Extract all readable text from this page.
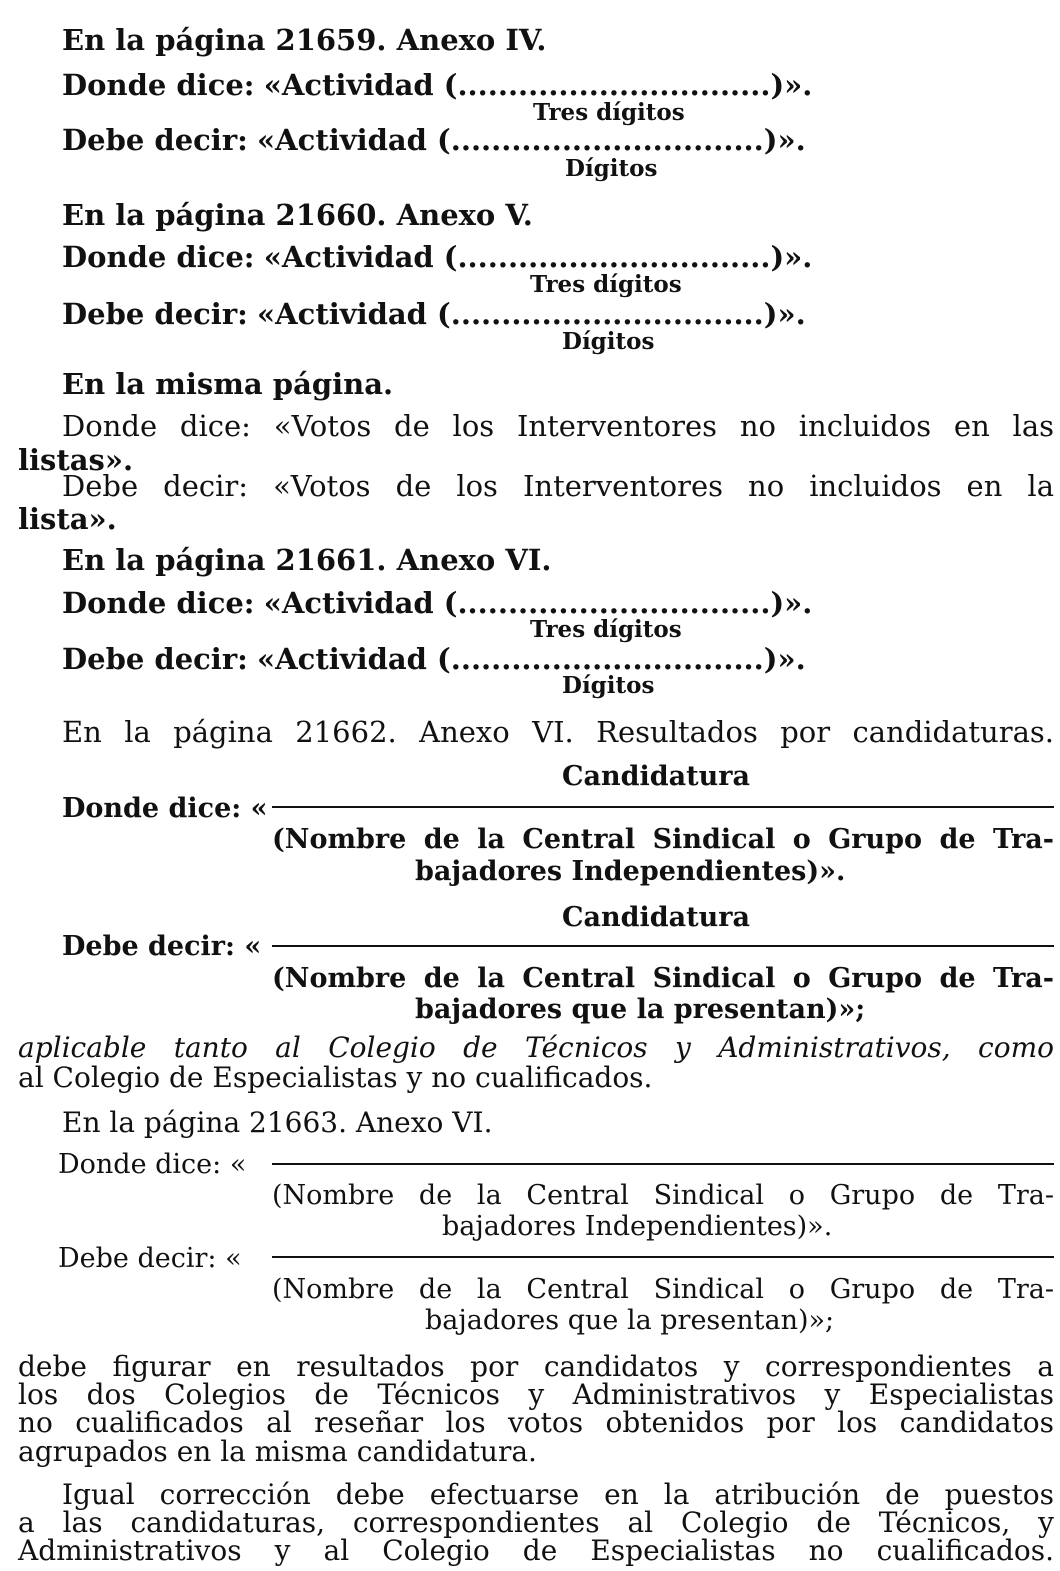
En la página 21659. Anexo IV.
Donde dice: «Actividad (...............................)».
Tres dígitos
Debe decir: «Actividad (...............................)».
Dígitos
En la página 21660. Anexo V.
Donde dice: «Actividad (...............................)».
Tres dígitos
Debe decir: «Actividad (...............................)».
Dígitos
En la misma página.
Donde dice: «Votos de los Interventores no incluidos en las
listas».
Debe decir: «Votos de los Interventores no incluidos en la
lista».
En la página 21661. Anexo VI.
Donde dice: «Actividad (...............................)».
Tres dígitos
Debe decir: «Actividad (...............................)».
Dígitos
En la página 21662. Anexo VI. Resultados por candidaturas.
Candidatura
Donde dice: «
(Nombre de la Central Sindical o Grupo de Tra-
bajadores Independientes)».
Candidatura
Debe decir: «
(Nombre de la Central Sindical o Grupo de Tra-
bajadores que la presentan)»;
aplicable tanto al Colegio de Técnicos y Administrativos, como
al Colegio de Especialistas y no cualificados.
En la página 21663. Anexo VI.
Donde dice: «
(Nombre de la Central Sindical o Grupo de Tra-
bajadores Independientes)».
Debe decir: «
(Nombre de la Central Sindical o Grupo de Tra-
bajadores que la presentan)»;
debe figurar en resultados por candidatos y correspondientes a
los dos Colegios de Técnicos y Administrativos y Especialistas
no cualificados al reseñar los votos obtenidos por los candidatos
agrupados en la misma candidatura.
Igual corrección debe efectuarse en la atribución de puestos
a las candidaturas, correspondientes al Colegio de Técnicos, y
Administrativos y al Colegio de Especialistas no cualificados.
